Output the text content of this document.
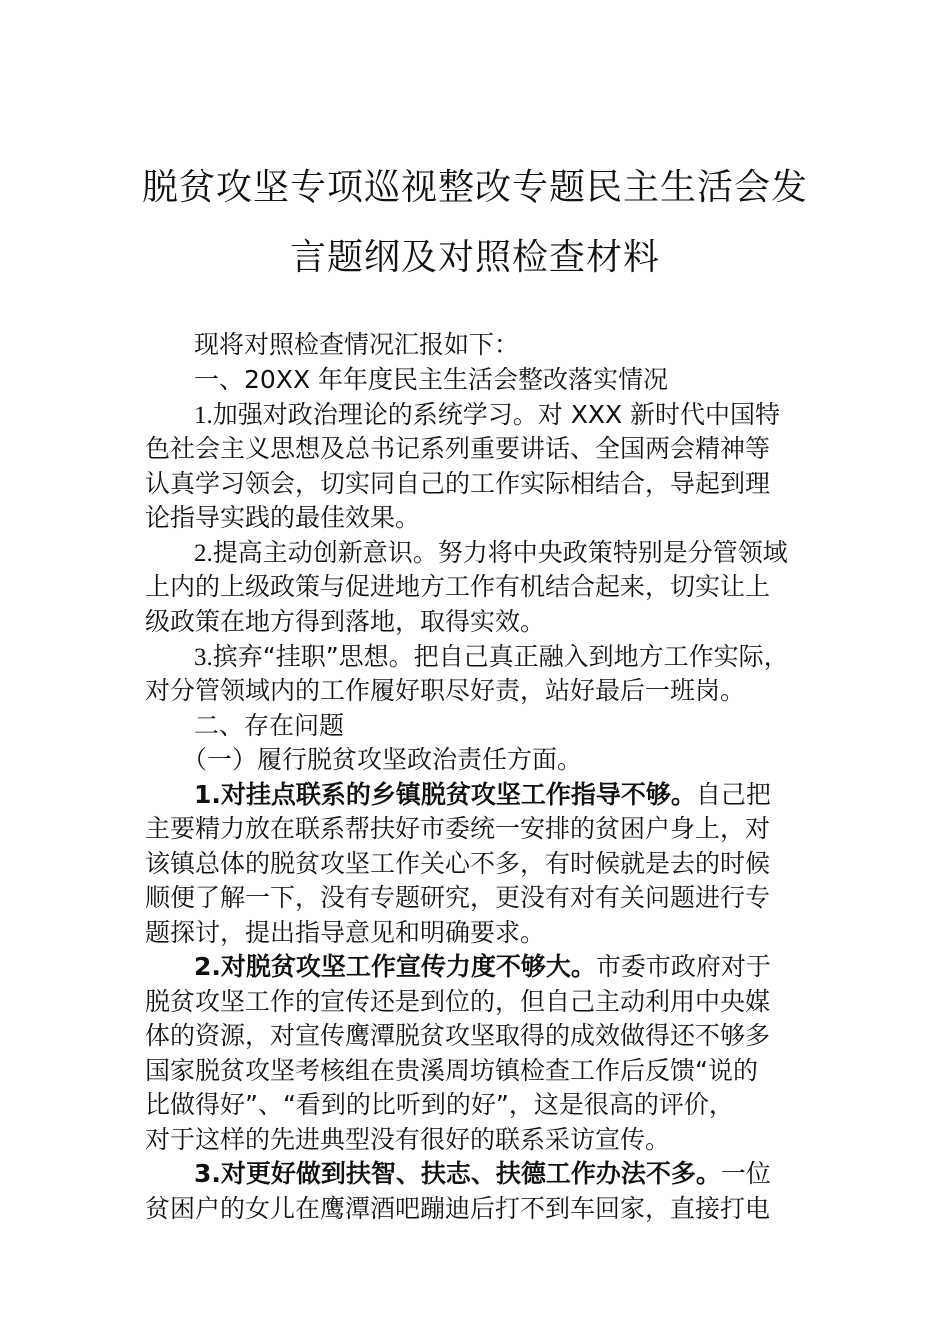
脱贫攻坚专项巡视整改专题民主生活会发
言题纲及对照检查材料
现将对照检查情况汇报如下：
一、20XX 年年度民主生活会整改落实情况
1.加强对政治理论的系统学习。对 XXX 新时代中国特
色社会主义思想及总书记系列重要讲话、全国两会精神等
认真学习领会，切实同自己的工作实际相结合，导起到理
论指导实践的最佳效果。
2.提高主动创新意识。努力将中央政策特别是分管领域
上内的上级政策与促进地方工作有机结合起来，切实让上
级政策在地方得到落地，取得实效。
3.摈弃“挂职”思想。把自己真正融入到地方工作实际，
对分管领域内的工作履好职尽好责，站好最后一班岗。
二、存在问题
（一）履行脱贫攻坚政治责任方面。
1.对挂点联系的乡镇脱贫攻坚工作指导不够。自己把
主要精力放在联系帮扶好市委统一安排的贫困户身上，对
该镇总体的脱贫攻坚工作关心不多，有时候就是去的时候
顺便了解一下，没有专题研究，更没有对有关问题进行专
题探讨，提出指导意见和明确要求。
2.对脱贫攻坚工作宣传力度不够大。市委市政府对于
脱贫攻坚工作的宣传还是到位的，但自己主动利用中央媒
体的资源，对宣传鹰潭脱贫攻坚取得的成效做得还不够多
国家脱贫攻坚考核组在贵溪周坊镇检查工作后反馈“说的
比做得好”、“看到的比听到的好”，这是很高的评价，
对于这样的先进典型没有很好的联系采访宣传。
3.对更好做到扶智、扶志、扶德工作办法不多。一位
贫困户的女儿在鹰潭酒吧蹦迪后打不到车回家，直接打电
